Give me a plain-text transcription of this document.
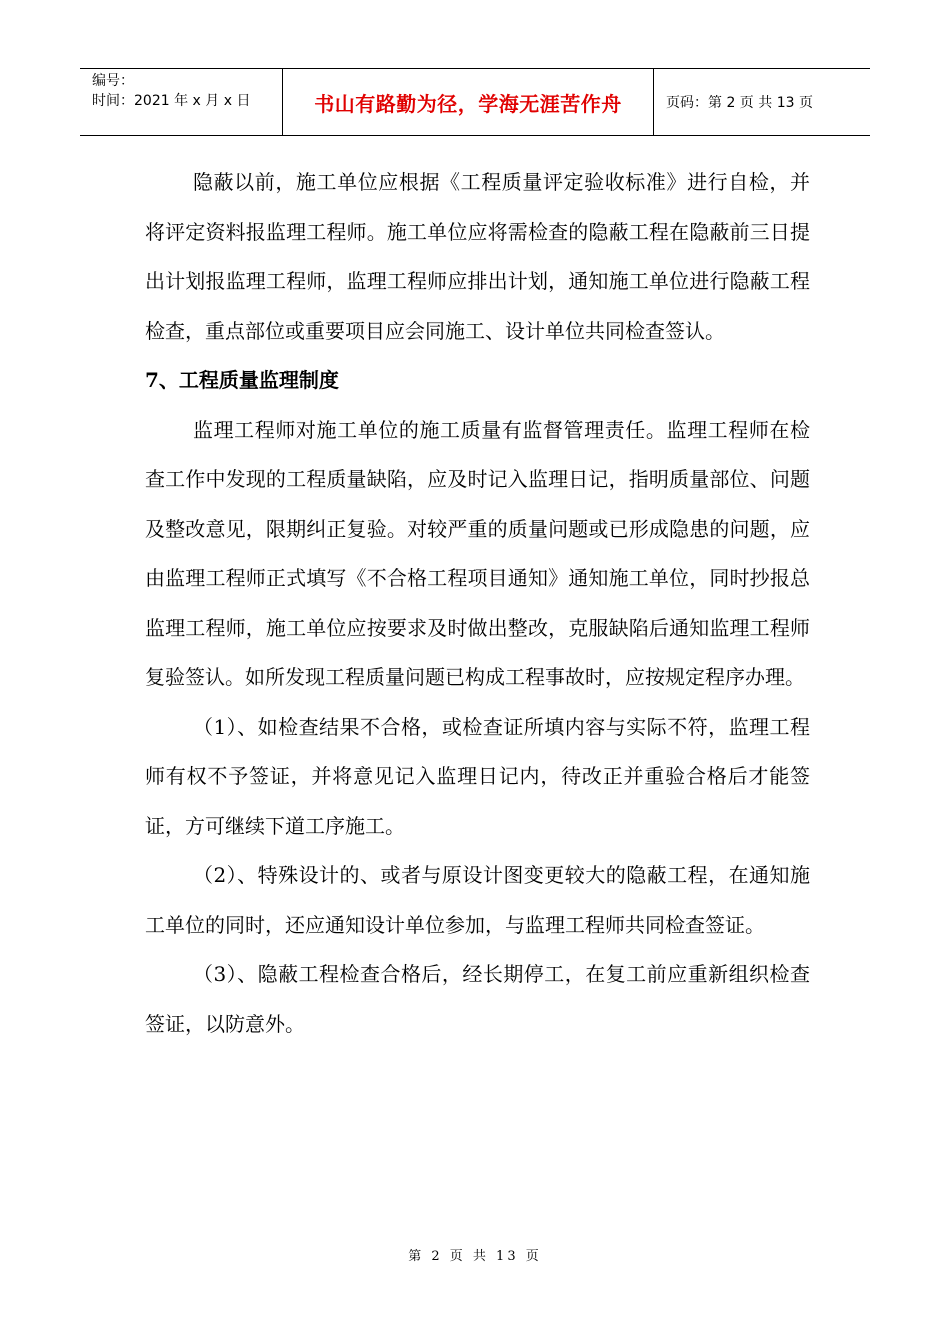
编号：
时间：2021 年 x 月 x 日	书山有路勤为径，学海无涯苦作舟	页码：第 2 页 共 13 页

隐蔽以前，施工单位应根据《工程质量评定验收标准》进行自检，并将评定资料报监理工程师。施工单位应将需检查的隐蔽工程在隐蔽前三日提出计划报监理工程师，监理工程师应排出计划，通知施工单位进行隐蔽工程检查，重点部位或重要项目应会同施工、设计单位共同检查签认。

7、工程质量监理制度

监理工程师对施工单位的施工质量有监督管理责任。监理工程师在检查工作中发现的工程质量缺陷，应及时记入监理日记，指明质量部位、问题及整改意见，限期纠正复验。对较严重的质量问题或已形成隐患的问题，应由监理工程师正式填写《不合格工程项目通知》通知施工单位，同时抄报总监理工程师，施工单位应按要求及时做出整改，克服缺陷后通知监理工程师复验签认。如所发现工程质量问题已构成工程事故时，应按规定程序办理。

（1）、如检查结果不合格，或检查证所填内容与实际不符，监理工程师有权不予签证，并将意见记入监理日记内，待改正并重验合格后才能签证，方可继续下道工序施工。

（2）、特殊设计的、或者与原设计图变更较大的隐蔽工程，在通知施工单位的同时，还应通知设计单位参加，与监理工程师共同检查签证。

（3）、隐蔽工程检查合格后，经长期停工，在复工前应重新组织检查签证，以防意外。

第 2 页 共 13 页
